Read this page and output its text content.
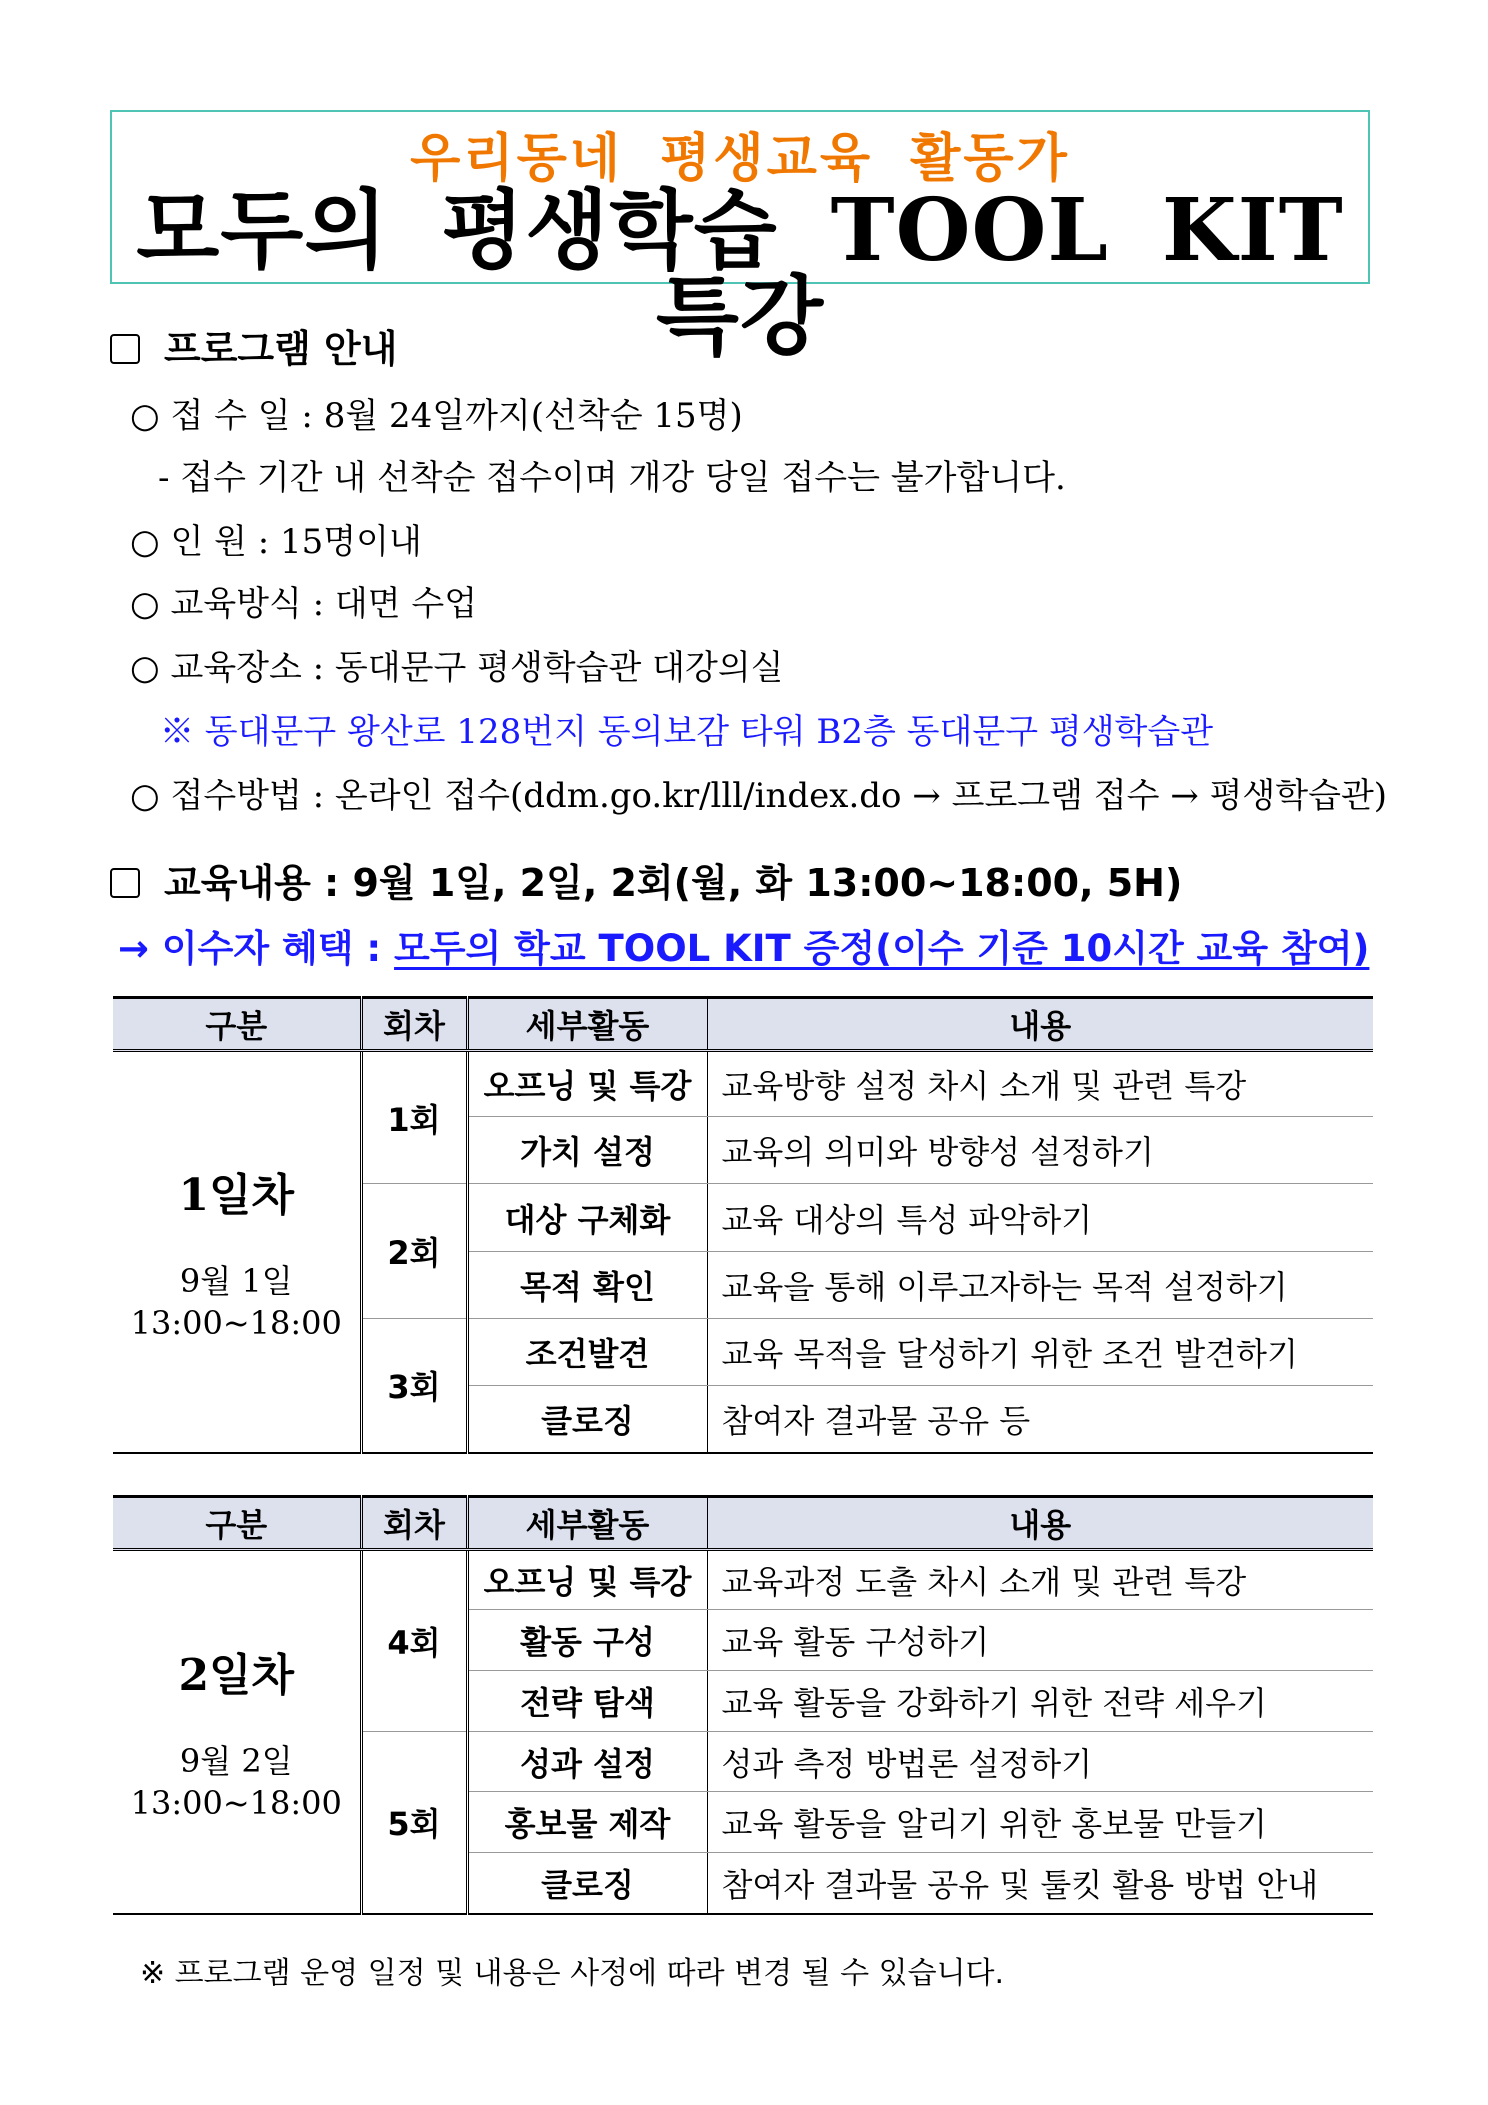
우리동네 평생교육 활동가
모두의 평생학습 TOOL KIT 특강
프로그램 안내
○ 접 수 일 : 8월 24일까지(선착순 15명)
- 접수 기간 내 선착순 접수이며 개강 당일 접수는 불가합니다.
○ 인 원 : 15명이내
○ 교육방식 : 대면 수업
○ 교육장소 : 동대문구 평생학습관 대강의실
※ 동대문구 왕산로 128번지 동의보감 타워 B2층 동대문구 평생학습관
○ 접수방법 : 온라인 접수(ddm.go.kr/lll/index.do → 프로그램 접수 → 평생학습관)
교육내용 : 9월 1일, 2일, 2회(월, 화 13:00~18:00, 5H)
→ 이수자 혜택 : 모두의 학교 TOOL KIT 증정(이수 기준 10시간 교육 참여)
구분	회차	세부활동	내용

1일차
9월 1일
13:00~18:00	1회	오프닝 및 특강	교육방향 설정 차시 소개 및 관련 특강
		가치 설정	교육의 의미와 방향성 설정하기
	2회	대상 구체화	교육 대상의 특성 파악하기
		목적 확인	교육을 통해 이루고자하는 목적 설정하기
	3회	조건발견	교육 목적을 달성하기 위한 조건 발견하기
		클로징	참여자 결과물 공유 등
구분	회차	세부활동	내용

2일차
9월 2일
13:00~18:00	4회	오프닝 및 특강	교육과정 도출 차시 소개 및 관련 특강
		활동 구성	교육 활동 구성하기
		전략 탐색	교육 활동을 강화하기 위한 전략 세우기
	5회	성과 설정	성과 측정 방법론 설정하기
		홍보물 제작	교육 활동을 알리기 위한 홍보물 만들기
		클로징	참여자 결과물 공유 및 툴킷 활용 방법 안내
※ 프로그램 운영 일정 및 내용은 사정에 따라 변경 될 수 있습니다.
